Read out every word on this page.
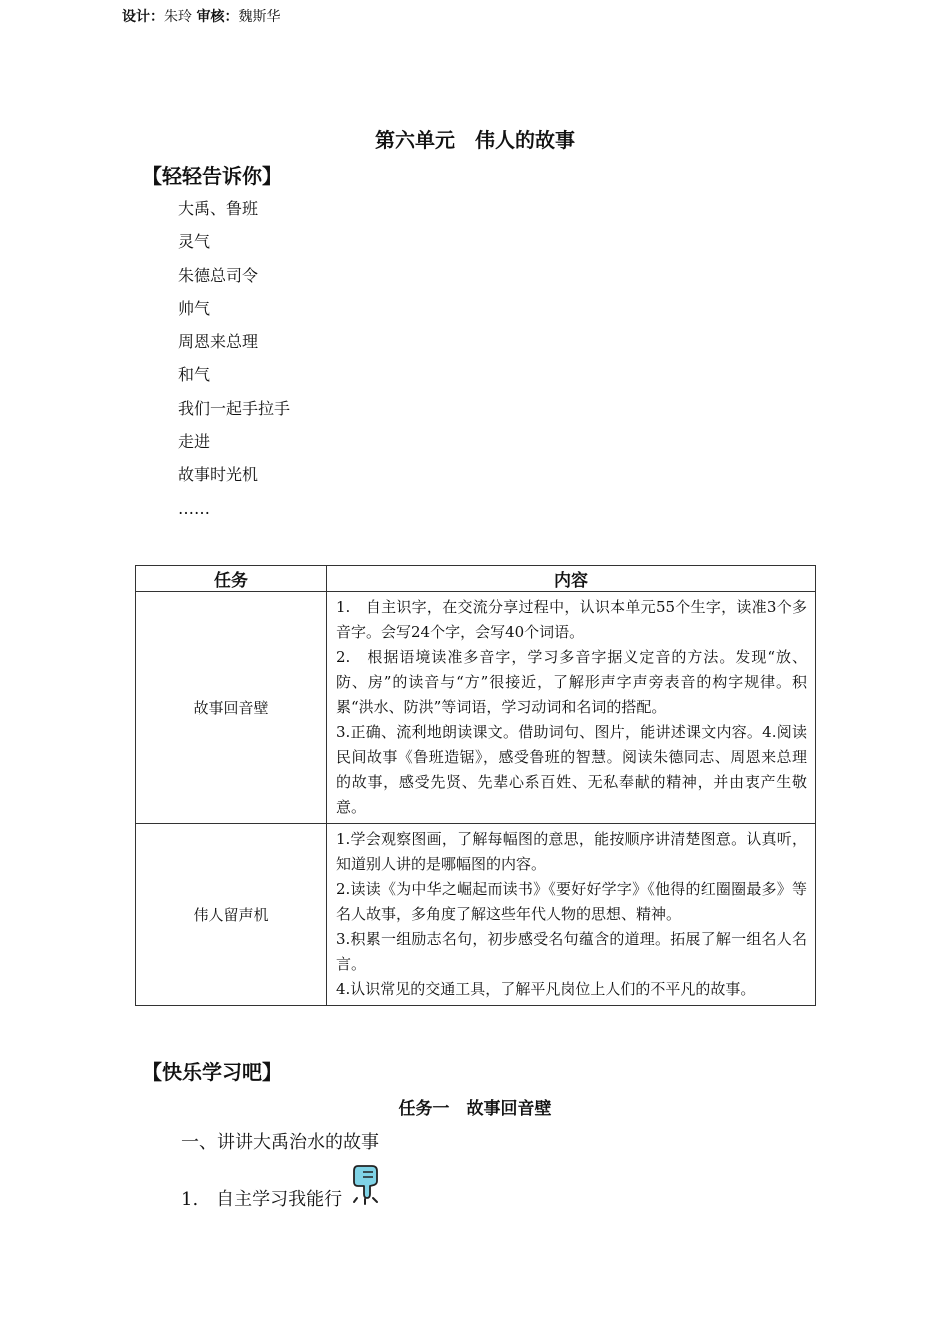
设计：朱玲 审核：魏斯华
第六单元　伟人的故事
【轻轻告诉你】
大禹、鲁班
灵气
朱德总司令
帅气
周恩来总理
和气
我们一起手拉手
走进
故事时光机
……
任务	内容
故事回音壁	1.　自主识字，在交流分享过程中，认识本单元55个生字，读准3个多音字。会写24个字，会写40个词语。
2.　根据语境读准多音字，学习多音字据义定音的方法。发现“放、防、房”的读音与“方”很接近，了解形声字声旁表音的构字规律。积累“洪水、防洪”等词语，学习动词和名词的搭配。
3.正确、流利地朗读课文。借助词句、图片，能讲述课文内容。4.阅读民间故事《鲁班造锯》，感受鲁班的智慧。阅读朱德同志、周恩来总理的故事，感受先贤、先辈心系百姓、无私奉献的精神，并由衷产生敬意。

伟人留声机	1.学会观察图画，了解每幅图的意思，能按顺序讲清楚图意。认真听，知道别人讲的是哪幅图的内容。
2.读读《为中华之崛起而读书》《要好好学字》《他得的红圈圈最多》等名人故事，多角度了解这些年代人物的思想、精神。
3.积累一组励志名句，初步感受名句蕴含的道理。拓展了解一组名人名言。
4.认识常见的交通工具，了解平凡岗位上人们的不平凡的故事。
【快乐学习吧】
任务一　故事回音壁
一、讲讲大禹治水的故事
1.　自主学习我能行
